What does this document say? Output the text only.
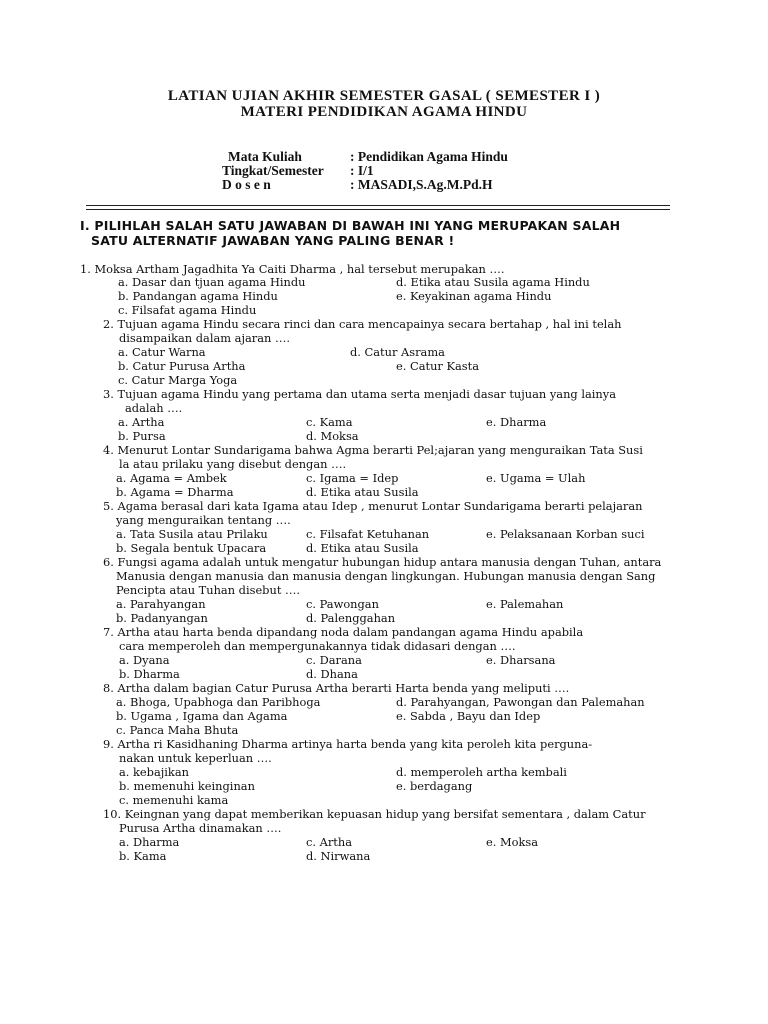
LATIAN UJIAN AKHIR SEMESTER GASAL ( SEMESTER I )
MATERI PENDIDIKAN AGAMA HINDU
Mata Kuliah	: Pendidikan Agama Hindu
Tingkat/Semester : I/1
D o s e n	: MASADI,S.Ag.M.Pd.H
I. PILIHLAH SALAH SATU JAWABAN DI BAWAH INI YANG MERUPAKAN SALAH
SATU ALTERNATIF JAWABAN YANG PALING BENAR !
1. Moksa Artham Jagadhita Ya Caiti Dharma , hal tersebut merupakan ….
a. Dasar dan tjuan agama Hindu	d. Etika atau Susila agama Hindu
b. Pandangan agama Hindu	e. Keyakinan agama Hindu
c. Filsafat agama Hindu
2. Tujuan agama Hindu secara rinci dan cara mencapainya secara bertahap , hal ini telah
disampaikan dalam ajaran ….
a. Catur Warna	d. Catur Asrama
b. Catur Purusa Artha	e. Catur Kasta
c. Catur Marga Yoga
3. Tujuan agama Hindu yang pertama dan utama serta menjadi dasar tujuan yang lainya
adalah ….
a. Artha	c. Kama	e. Dharma
b. Pursa	d. Moksa
4. Menurut Lontar Sundarigama bahwa Agma berarti Pel;ajaran yang menguraikan Tata Susi
la atau prilaku yang disebut dengan ….
a. Agama = Ambek	c. Igama = Idep	e. Ugama = Ulah
b. Agama = Dharma	d. Etika atau Susila
5. Agama berasal dari kata Igama atau Idep , menurut Lontar Sundarigama berarti pelajaran
yang menguraikan tentang ….
a. Tata Susila atau Prilaku	c. Filsafat Ketuhanan	e. Pelaksanaan Korban suci
b. Segala bentuk Upacara	d. Etika atau Susila
6. Fungsi agama adalah untuk mengatur hubungan hidup antara manusia dengan Tuhan, antara
Manusia dengan manusia dan manusia dengan lingkungan. Hubungan manusia dengan Sang
Pencipta atau Tuhan disebut ….
a. Parahyangan	c. Pawongan	e. Palemahan
b. Padanyangan	d. Palenggahan
7. Artha atau harta benda dipandang noda dalam pandangan agama Hindu apabila
cara memperoleh dan mempergunakannya tidak didasari dengan ….
a. Dyana	c. Darana	e. Dharsana
b. Dharma	d. Dhana
8. Artha dalam bagian Catur Purusa Artha berarti Harta benda yang meliputi ….
a. Bhoga, Upabhoga dan Paribhoga	d. Parahyangan, Pawongan dan Palemahan
b. Ugama , Igama dan Agama	e. Sabda , Bayu dan Idep
c. Panca Maha Bhuta
9. Artha ri Kasidhaning Dharma artinya harta benda yang kita peroleh kita perguna-
nakan untuk keperluan ….
a. kebajikan	d. memperoleh artha kembali
b. memenuhi keinginan	e. berdagang
c. memenuhi kama
10. Keingnan yang dapat memberikan kepuasan hidup yang bersifat sementara , dalam Catur
Purusa Artha dinamakan ….
a. Dharma	c. Artha	e. Moksa
b. Kama	d. Nirwana
